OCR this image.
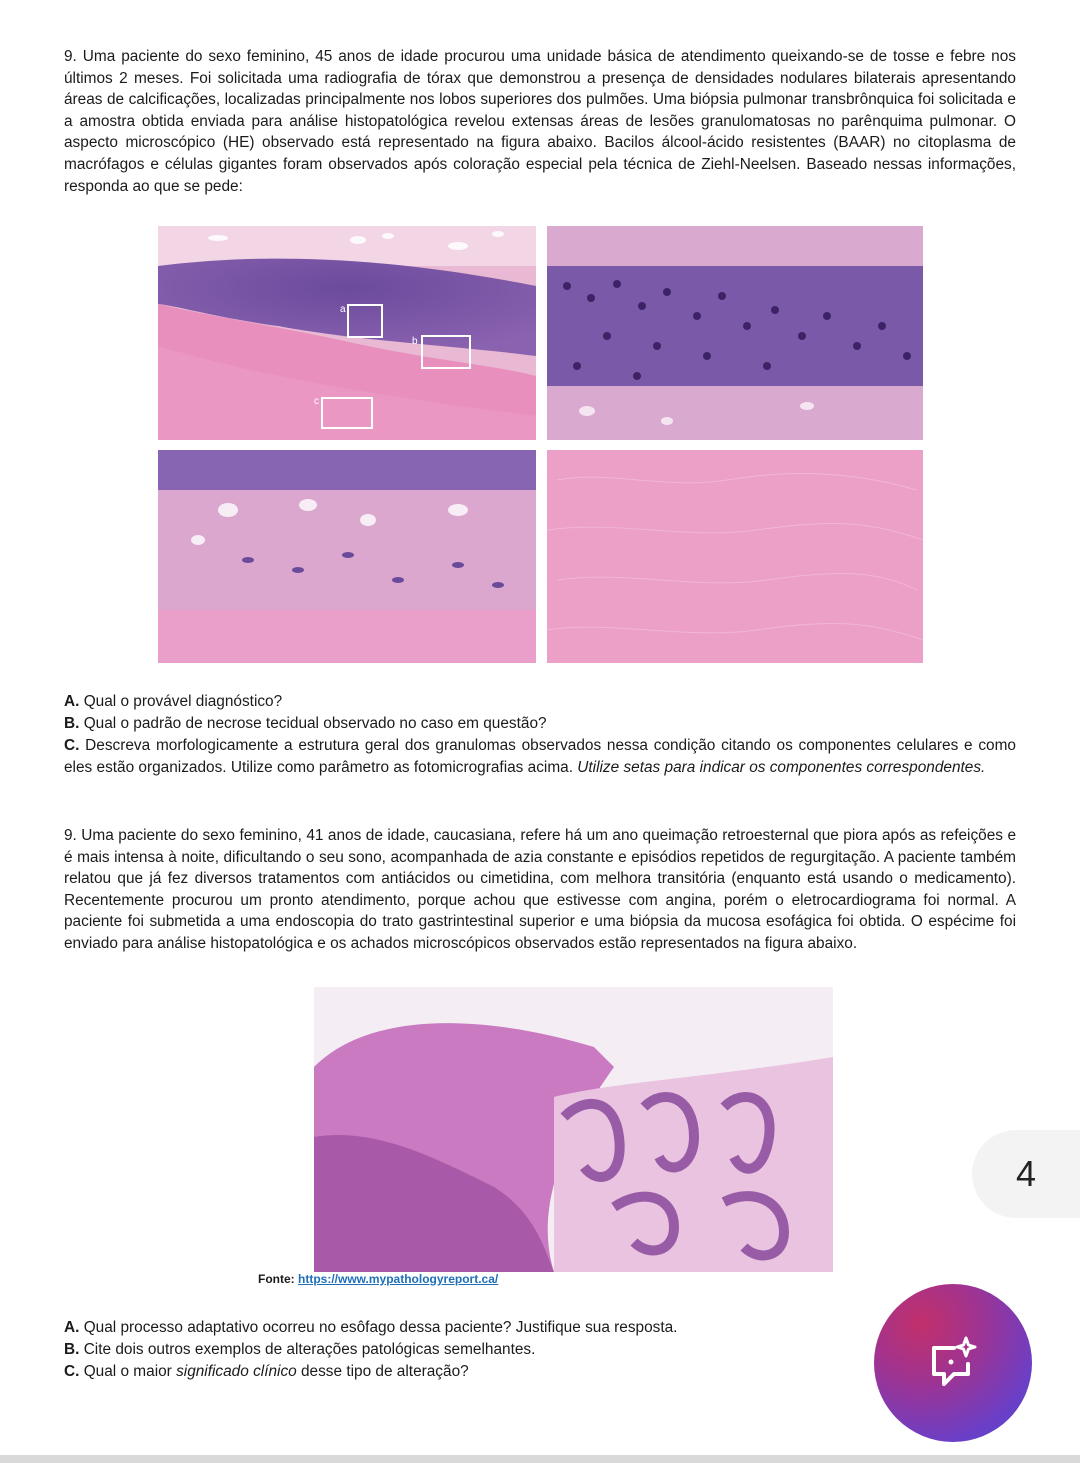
9. Uma paciente do sexo feminino, 45 anos de idade procurou uma unidade básica de atendimento queixando-se de tosse e febre nos últimos 2 meses. Foi solicitada uma radiografia de tórax que demonstrou a presença de densidades nodulares bilaterais apresentando áreas de calcificações, localizadas principalmente nos lobos superiores dos pulmões. Uma biópsia pulmonar transbrônquica foi solicitada e a amostra obtida enviada para análise histopatológica revelou extensas áreas de lesões granulomatosas no parênquima pulmonar. O aspecto microscópico (HE) observado está representado na figura abaixo. Bacilos álcool-ácido resistentes (BAAR) no citoplasma de macrófagos e células gigantes foram observados após coloração especial pela técnica de Ziehl-Neelsen. Baseado nessas informações, responda ao que se pede:

a
b
c

A. Qual o provável diagnóstico?

B. Qual o padrão de necrose tecidual observado no caso em questão?

C. Descreva morfologicamente a estrutura geral dos granulomas observados nessa condição citando os componentes celulares e como eles estão organizados. Utilize como parâmetro as fotomicrografias acima. Utilize setas para indicar os componentes correspondentes.

9. Uma paciente do sexo feminino, 41 anos de idade, caucasiana, refere há um ano queimação retroesternal que piora após as refeições e é mais intensa à noite, dificultando o seu sono, acompanhada de azia constante e episódios repetidos de regurgitação. A paciente também relatou que já fez diversos tratamentos com antiácidos ou cimetidina, com melhora transitória (enquanto está usando o medicamento). Recentemente procurou um pronto atendimento, porque achou que estivesse com angina, porém o eletrocardiograma foi normal. A paciente foi submetida a uma endoscopia do trato gastrintestinal superior e uma biópsia da mucosa esofágica foi obtida. O espécime foi enviado para análise histopatológica e os achados microscópicos observados estão representados na figura abaixo.

Fonte: https://www.mypathologyreport.ca/

A. Qual processo adaptativo ocorreu no esôfago dessa paciente? Justifique sua resposta.

B. Cite dois outros exemplos de alterações patológicas semelhantes.

C. Qual o maior significado clínico desse tipo de alteração?

4
